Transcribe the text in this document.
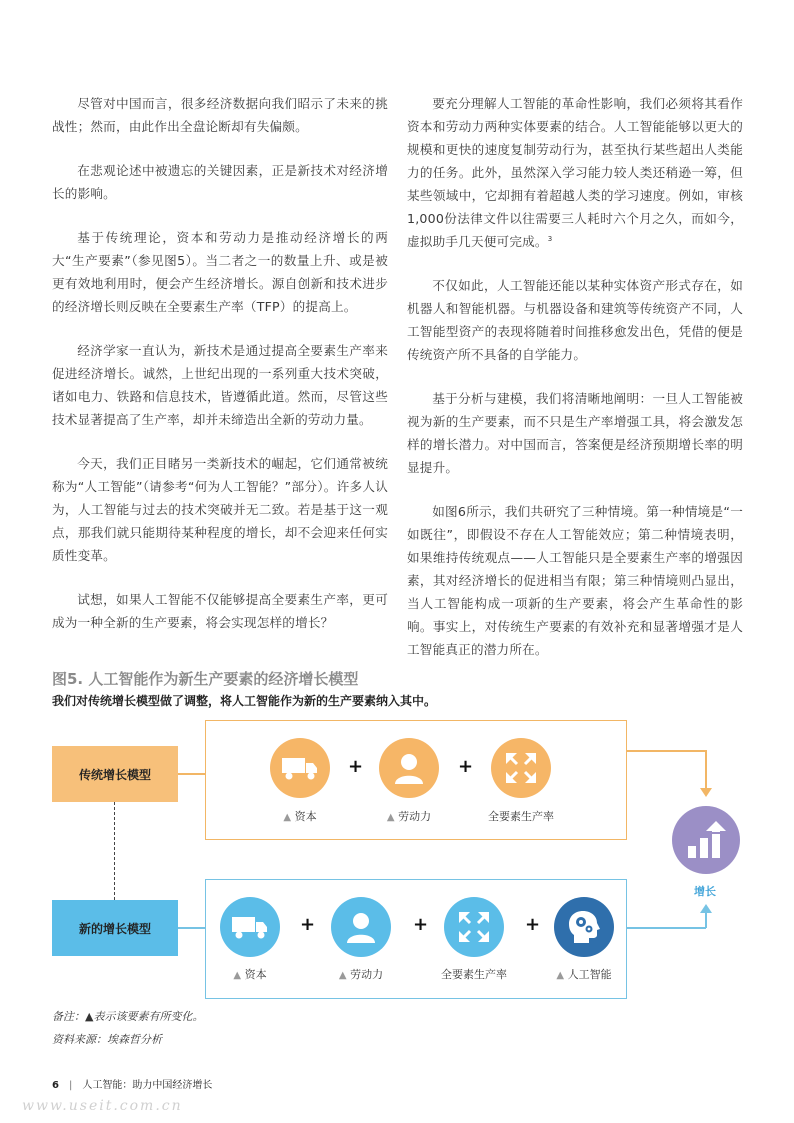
尽管对中国而言，很多经济数据向我们昭示了未来的挑战性；然而，由此作出全盘论断却有失偏颇。

在悲观论述中被遗忘的关键因素，正是新技术对经济增长的影响。

基于传统理论，资本和劳动力是推动经济增长的两大“生产要素”（参见图5）。当二者之一的数量上升、或是被更有效地利用时，便会产生经济增长。源自创新和技术进步的经济增长则反映在全要素生产率（TFP）的提高上。

经济学家一直认为，新技术是通过提高全要素生产率来促进经济增长。诚然，上世纪出现的一系列重大技术突破，诸如电力、铁路和信息技术，皆遵循此道。然而，尽管这些技术显著提高了生产率，却并未缔造出全新的劳动力量。

今天，我们正目睹另一类新技术的崛起，它们通常被统称为“人工智能”（请参考“何为人工智能？”部分）。许多人认为，人工智能与过去的技术突破并无二致。若是基于这一观点，那我们就只能期待某种程度的增长，却不会迎来任何实质性变革。

试想，如果人工智能不仅能够提高全要素生产率，更可成为一种全新的生产要素，将会实现怎样的增长？

要充分理解人工智能的革命性影响，我们必须将其看作资本和劳动力两种实体要素的结合。人工智能能够以更大的规模和更快的速度复制劳动行为，甚至执行某些超出人类能力的任务。此外，虽然深入学习能力较人类还稍逊一筹，但某些领域中，它却拥有着超越人类的学习速度。例如，审核1,000份法律文件以往需要三人耗时六个月之久，而如今，虚拟助手几天便可完成。$^3$

不仅如此，人工智能还能以某种实体资产形式存在，如机器人和智能机器。与机器设备和建筑等传统资产不同，人工智能型资产的表现将随着时间推移愈发出色，凭借的便是传统资产所不具备的自学能力。

基于分析与建模，我们将清晰地阐明：一旦人工智能被视为新的生产要素，而不只是生产率增强工具，将会激发怎样的增长潜力。对中国而言，答案便是经济预期增长率的明显提升。

如图6所示，我们共研究了三种情境。第一种情境是“一如既往”，即假设不存在人工智能效应；第二种情境表明，如果维持传统观点——人工智能只是全要素生产率的增强因素，其对经济增长的促进相当有限；第三种情境则凸显出，当人工智能构成一项新的生产要素，将会产生革命性的影响。事实上，对传统生产要素的有效补充和显著增强才是人工智能真正的潜力所在。

图5. 人工智能作为新生产要素的经济增长模型
我们对传统增长模型做了调整，将人工智能作为新的生产要素纳入其中。
传统增长模型
新的增长模型
+	+
▲ 资本	▲ 劳动力	全要素生产率
+	+	+
▲ 资本	▲ 劳动力	全要素生产率	▲ 人工智能
增长
备注：▲表示该要素有所变化。
资料来源：埃森哲分析
6 | 人工智能：助力中国经济增长
www.useit.com.cn
